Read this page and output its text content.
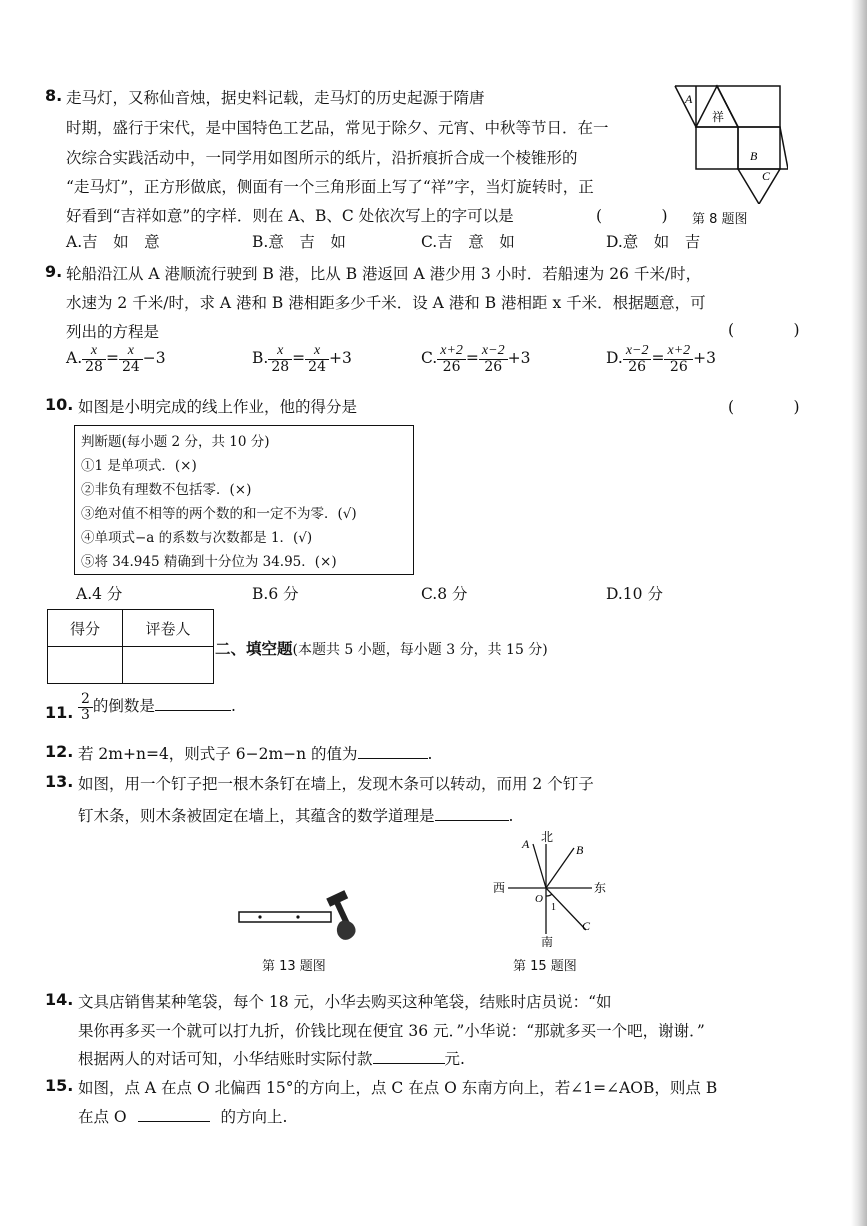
8. 走马灯，又称仙音烛，据史料记载，走马灯的历史起源于隋唐
时期，盛行于宋代，是中国特色工艺品，常见于除夕、元宵、中秋等节日．在一
次综合实践活动中，一同学用如图所示的纸片，沿折痕折合成一个棱锥形的
“走马灯”，正方形做底，侧面有一个三角形面上写了“祥”字，当灯旋转时，正
好看到“吉祥如意”的字样．则在 A、B、C 处依次写上的字可以是	(　)
A
祥
B
C
第 8 题图
A.吉　如　意	B.意　吉　如	C.吉　意　如	D.意　如　吉
9. 轮船沿江从 A 港顺流行驶到 B 港，比从 B 港返回 A 港少用 3 小时．若船速为 26 千米/时，
水速为 2 千米/时，求 A 港和 B 港相距多少千米．设 A 港和 B 港相距 x 千米．根据题意，可
列出的方程是	(　)
A. $\frac{x}{28} = \frac{x}{24} -3$	B. $\frac{x}{28} = \frac{x}{24} +3$	C. $\frac{x+2}{26} = \frac{x-2}{26} +3$	D. $\frac{x-2}{26} = \frac{x+2}{26} +3$
10. 如图是小明完成的线上作业，他的得分是	(　)
判断题(每小题 2 分，共 10 分)
①1 是单项式．(×)
②非负有理数不包括零．(×)
③绝对值不相等的两个数的和一定不为零．(√)
④单项式−a 的系数与次数都是 1．(√)
⑤将 34.945 精确到十分位为 34.95．(×)
A.4 分	B.6 分	C.8 分	D.10 分
得分	评卷人

二、填空题(本题共 5 小题，每小题 3 分，共 15 分)
11. $\frac{2}{3}$ 的倒数是	.
12. 若 2m+n=4，则式子 6−2m−n 的值为	.
13. 如图，用一个钉子把一根木条钉在墙上，发现木条可以转动，而用 2 个钉子
钉木条，则木条被固定在墙上，其蕴含的数学道理是	.
第 13 题图
北
南
东
西
A	B
C
O
1
第 15 题图
14. 文具店销售某种笔袋，每个 18 元，小华去购买这种笔袋，结账时店员说：“如
果你再多买一个就可以打九折，价钱比现在便宜 36 元．”小华说：“那就多买一个吧，谢谢．”
根据两人的对话可知，小华结账时实际付款	元.
15. 如图，点 A 在点 O 北偏西 15°的方向上，点 C 在点 O 东南方向上，若∠1=∠AOB，则点 B
在点 O	的方向上.
